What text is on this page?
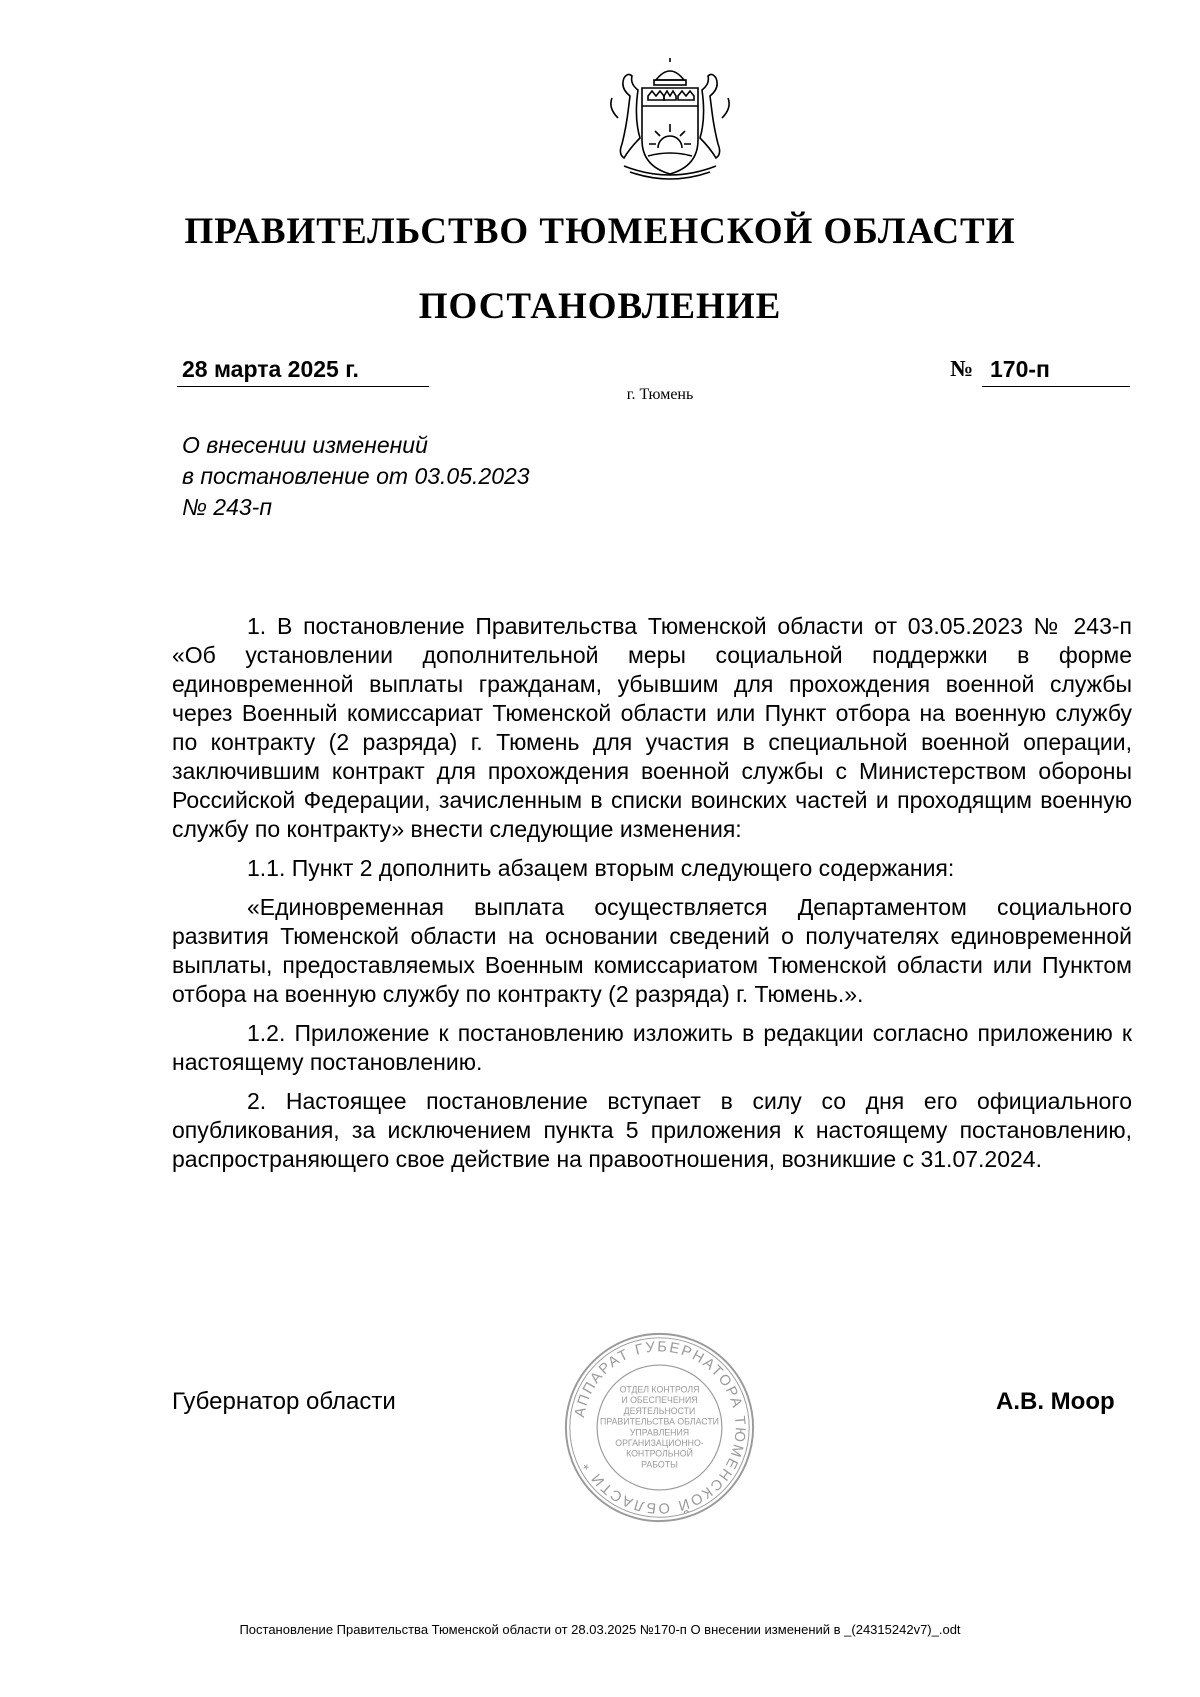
ПРАВИТЕЛЬСТВО ТЮМЕНСКОЙ ОБЛАСТИ
ПОСТАНОВЛЕНИЕ
28 марта 2025 г.	№ 170-п
г. Тюмень
О внесении изменений
в постановление от 03.05.2023
№ 243-п

1. В постановление Правительства Тюменской области от 03.05.2023 № 243-п «Об установлении дополнительной меры социальной поддержки в форме единовременной выплаты гражданам, убывшим для прохождения военной службы через Военный комиссариат Тюменской области или Пункт отбора на военную службу по контракту (2 разряда) г. Тюмень для участия в специальной военной операции, заключившим контракт для прохождения военной службы с Министерством обороны Российской Федерации, зачисленным в списки воинских частей и проходящим военную службу по контракту» внести следующие изменения:

1.1. Пункт 2 дополнить абзацем вторым следующего содержания:

«Единовременная выплата осуществляется Департаментом социального развития Тюменской области на основании сведений о получателях единовременной выплаты, предоставляемых Военным комиссариатом Тюменской области или Пунктом отбора на военную службу по контракту (2 разряда) г. Тюмень.».

1.2. Приложение к постановлению изложить в редакции согласно приложению к настоящему постановлению.

2. Настоящее постановление вступает в силу со дня его официального опубликования, за исключением пункта 5 приложения к настоящему постановлению, распространяющего свое действие на правоотношения, возникшие с 31.07.2024.

Губернатор области	А.В. Моор
АППАРАТ ГУБЕРНАТОРА ТЮМЕНСКОЙ ОБЛАСТИ *
ОТДЕЛ КОНТРОЛЯ
И ОБЕСПЕЧЕНИЯ
ДЕЯТЕЛЬНОСТИ
ПРАВИТЕЛЬСТВА ОБЛАСТИ
УПРАВЛЕНИЯ
ОРГАНИЗАЦИОННО-
КОНТРОЛЬНОЙ
РАБОТЫ
Постановление Правительства Тюменской области от 28.03.2025 №170-п О внесении изменений в _(24315242v7)_.odt
